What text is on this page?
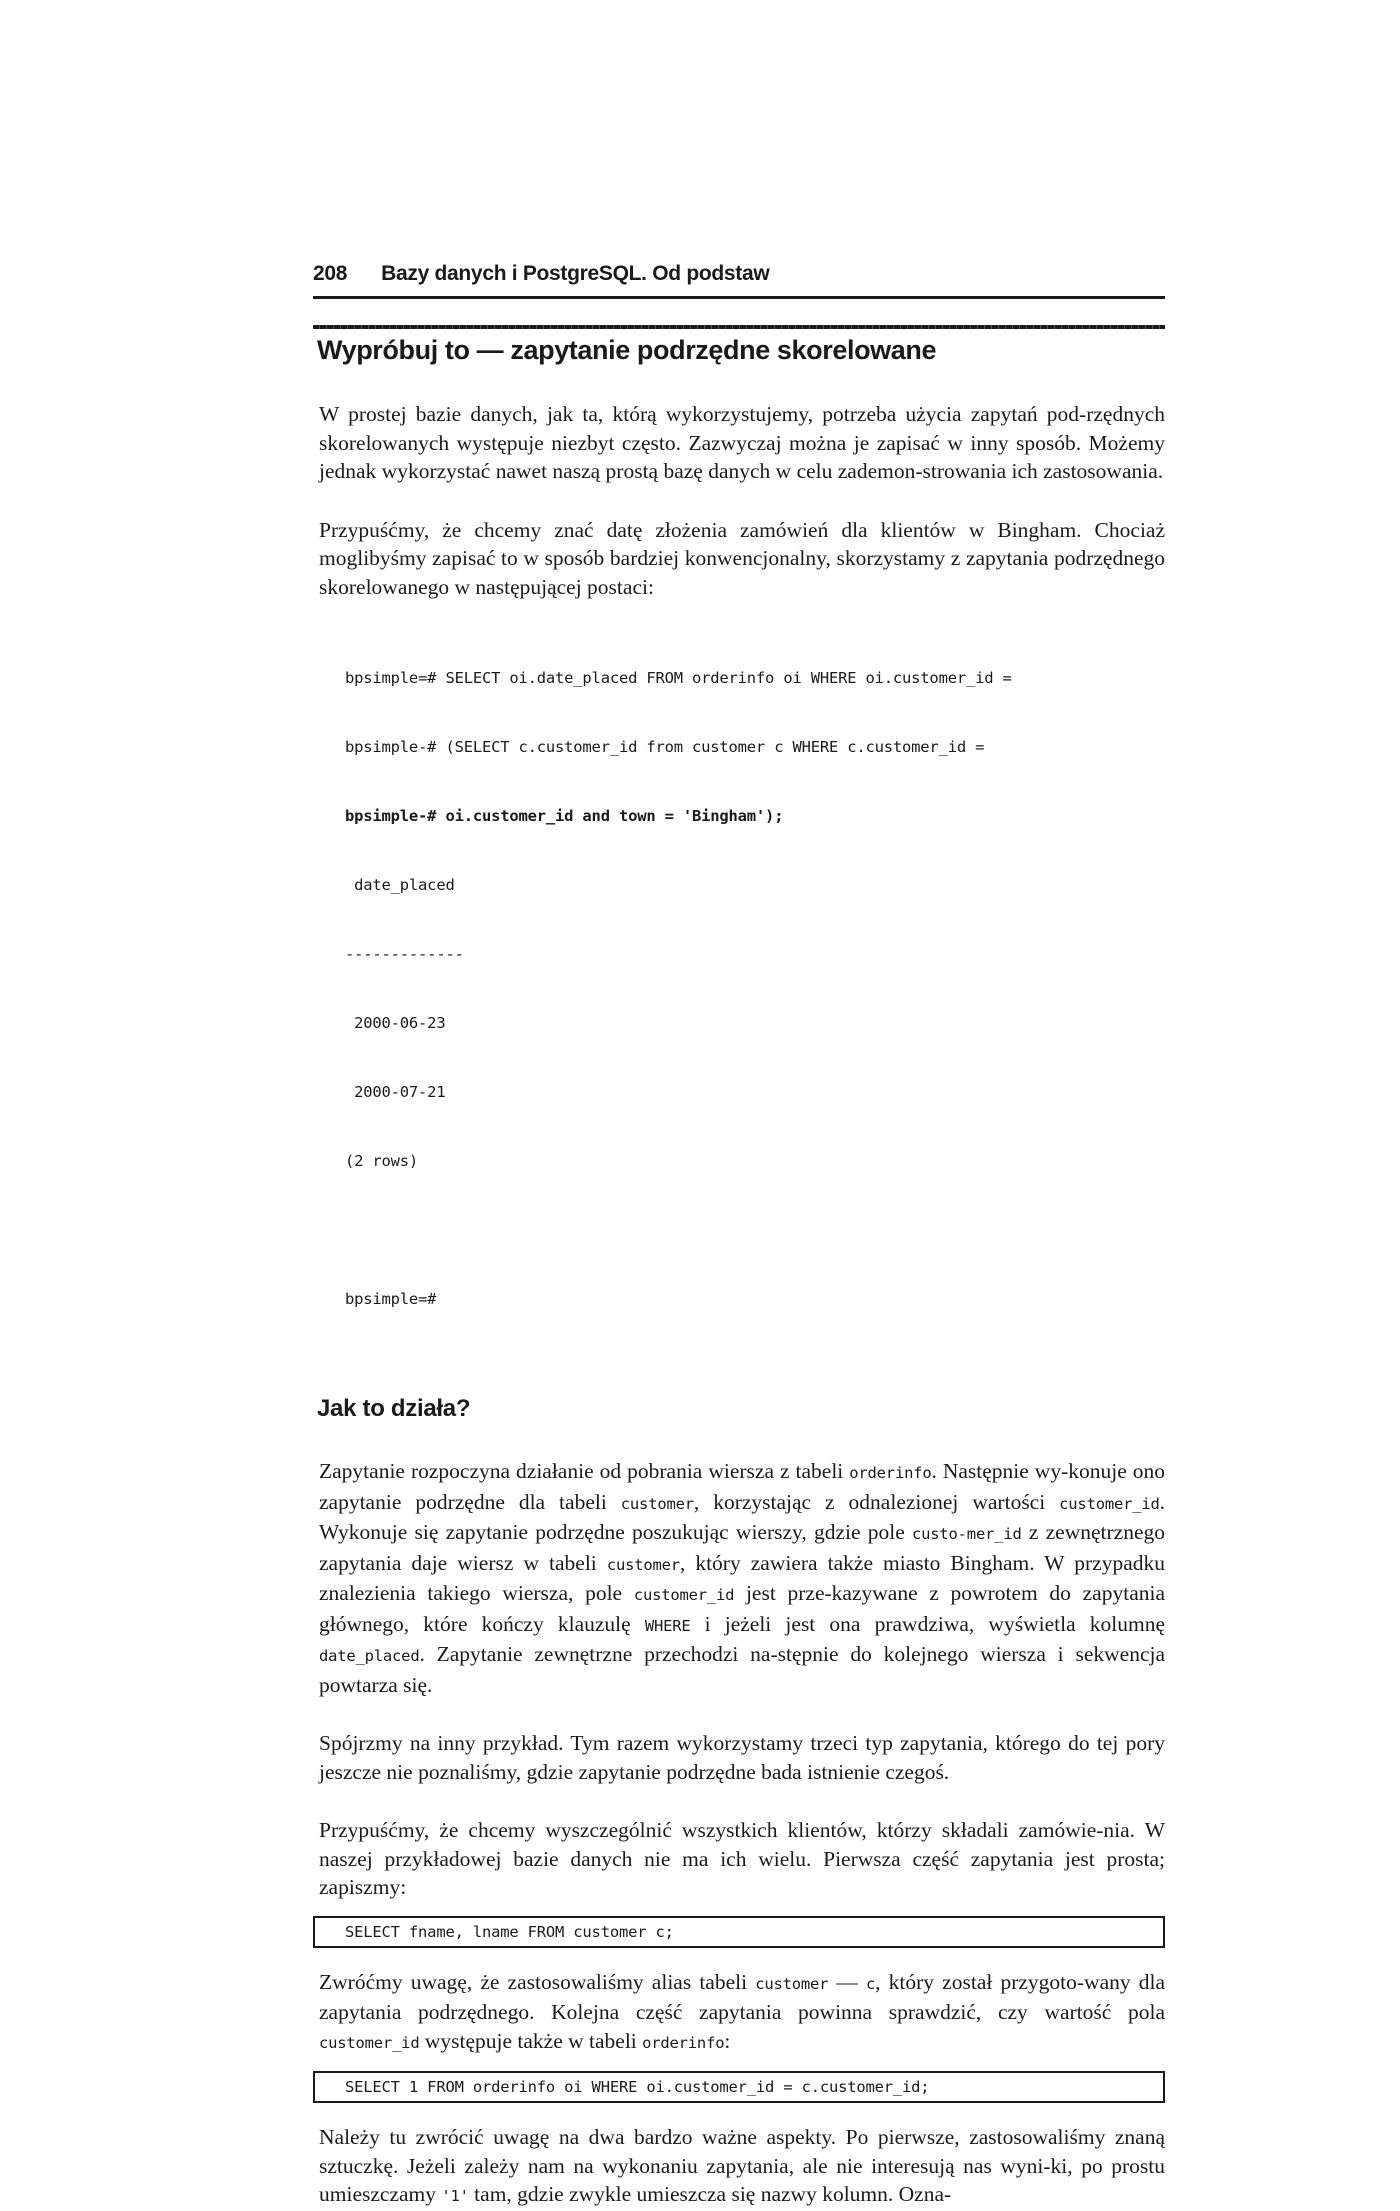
208 Bazy danych i PostgreSQL. Od podstaw
Wypróbuj to — zapytanie podrzędne skorelowane

W prostej bazie danych, jak ta, którą wykorzystujemy, potrzeba użycia zapytań pod-rzędnych skorelowanych występuje niezbyt często. Zazwyczaj można je zapisać w inny sposób. Możemy jednak wykorzystać nawet naszą prostą bazę danych w celu zademon-strowania ich zastosowania.

Przypuśćmy, że chcemy znać datę złożenia zamówień dla klientów w Bingham. Chociaż moglibyśmy zapisać to w sposób bardziej konwencjonalny, skorzystamy z zapytania podrzędnego skorelowanego w następującej postaci:

bpsimple=# SELECT oi.date_placed FROM orderinfo oi WHERE oi.customer_id =

bpsimple-# (SELECT c.customer_id from customer c WHERE c.customer_id =

bpsimple-# oi.customer_id and town = 'Bingham');

date_placed

-------------

2000-06-23

2000-07-21

(2 rows)

bpsimple=#

Jak to działa?

Zapytanie rozpoczyna działanie od pobrania wiersza z tabeli orderinfo. Następnie wy-konuje ono zapytanie podrzędne dla tabeli customer, korzystając z odnalezionej wartości customer_id. Wykonuje się zapytanie podrzędne poszukując wierszy, gdzie pole custo-mer_id z zewnętrznego zapytania daje wiersz w tabeli customer, który zawiera także miasto Bingham. W przypadku znalezienia takiego wiersza, pole customer_id jest prze-kazywane z powrotem do zapytania głównego, które kończy klauzulę WHERE i jeżeli jest ona prawdziwa, wyświetla kolumnę date_placed. Zapytanie zewnętrzne przechodzi na-stępnie do kolejnego wiersza i sekwencja powtarza się.

Spójrzmy na inny przykład. Tym razem wykorzystamy trzeci typ zapytania, którego do tej pory jeszcze nie poznaliśmy, gdzie zapytanie podrzędne bada istnienie czegoś.

Przypuśćmy, że chcemy wyszczególnić wszystkich klientów, którzy składali zamówie-nia. W naszej przykładowej bazie danych nie ma ich wielu. Pierwsza część zapytania jest prosta; zapiszmy:

SELECT fname, lname FROM customer c;

Zwróćmy uwagę, że zastosowaliśmy alias tabeli customer — c, który został przygoto-wany dla zapytania podrzędnego. Kolejna część zapytania powinna sprawdzić, czy wartość pola customer_id występuje także w tabeli orderinfo:

SELECT 1 FROM orderinfo oi WHERE oi.customer_id = c.customer_id;

Należy tu zwrócić uwagę na dwa bardzo ważne aspekty. Po pierwsze, zastosowaliśmy znaną sztuczkę. Jeżeli zależy nam na wykonaniu zapytania, ale nie interesują nas wyni-ki, po prostu umieszczamy '1' tam, gdzie zwykle umieszcza się nazwy kolumn. Ozna-
